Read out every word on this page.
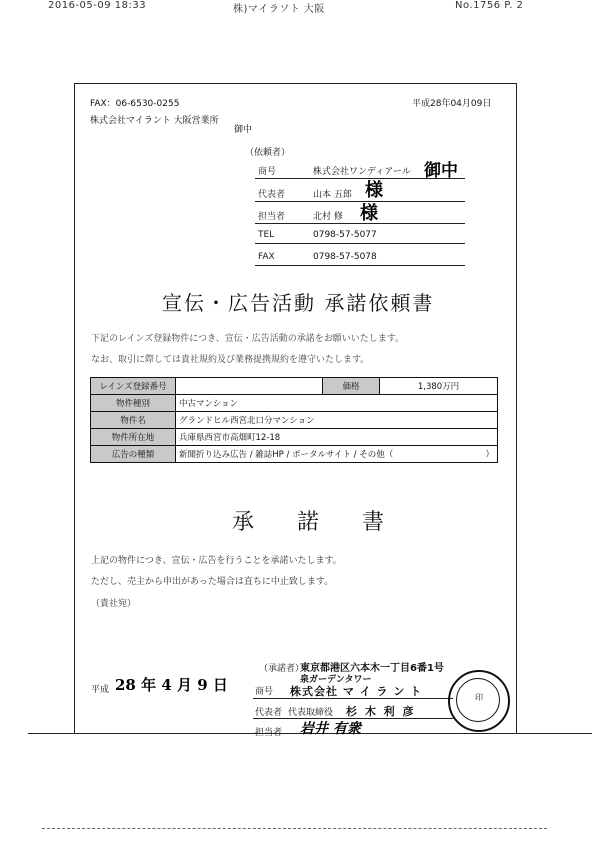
2016-05-09 18:33	株)マイラソト 大阪	No.1756 P. 2
FAX：06-6530-0255	平成28年04月09日
株式会社マイラント 大阪営業所
御中
（依頼者）
商号	株式会社ワンディアール 御中
代表者	山本 五郎 様
担当者	北村 修 様
TEL	0798-57-5077
FAX	0798-57-5078
宣伝・広告活動 承諾依頼書
下記のレインズ登録物件につき、宣伝・広告活動の承諾をお願いいたします。
なお、取引に際しては貴社規約及び業務提携規約を遵守いたします。
レインズ登録番号		価格	1,380万円
物件種別	中古マンション		
物件名	グランドヒル西宮北口分マンション		
物件所在地	兵庫県西宮市高畑町12-18		
広告の種類	新聞折り込み広告 / 雑誌HP / ポータルサイト / その他（ ）		
承 諾 書
上記の物件につき、宣伝・広告を行うことを承諾いたします。
ただし、売主から申出があった場合は直ちに中止致します。
（貴社宛）
（承諾者）
東京都港区六本木一丁目6番1号
泉ガーデンタワー
平成 28 年 4 月 9 日	商号 株式会社 マ イ ラ ン ト
代表者 代表取締役 杉 木 利 彦
担当者 岩井 有衆
印
